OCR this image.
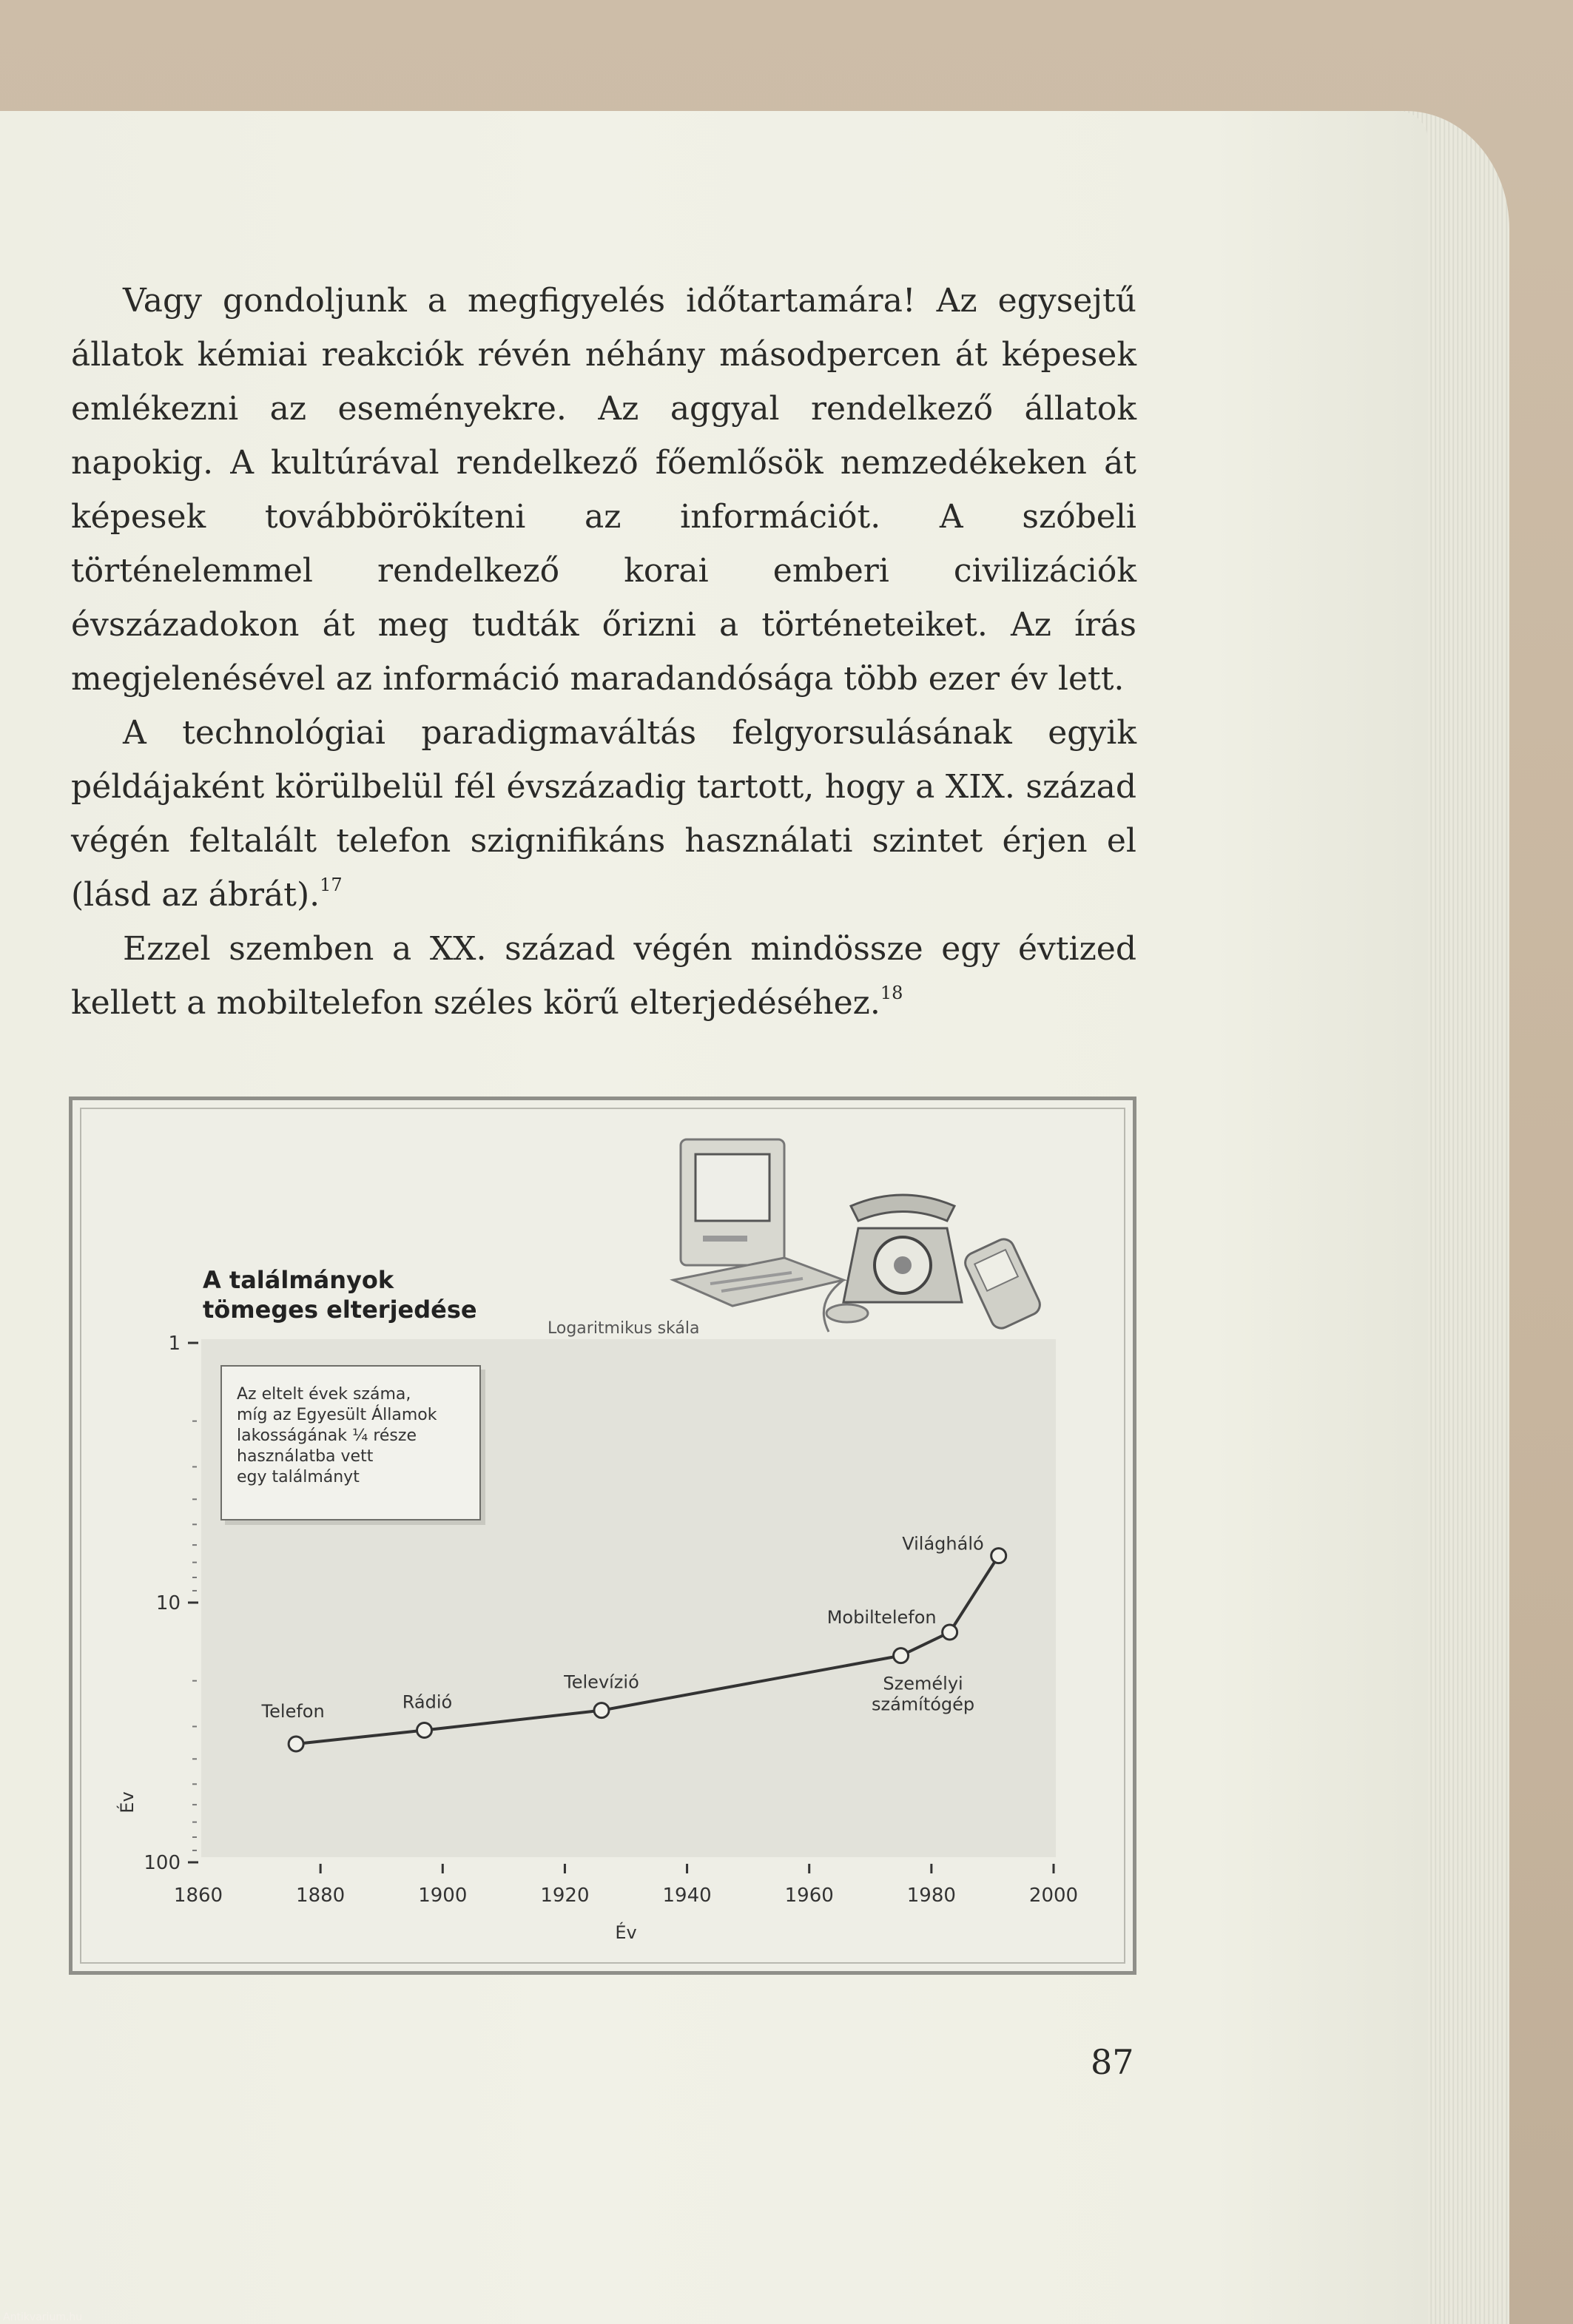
Vagy gondoljunk a megfigyelés időtartamára! Az egysejtű állatok kémiai reakciók révén néhány másodpercen át képesek emlékezni az eseményekre. Az aggyal rendelkező állatok napokig. A kultúrával rendelkező főemlősök nemzedékeken át képesek továbbörökíteni az információt. A szóbeli történelemmel rendelkező korai emberi civilizációk évszázadokon át meg tudták őrizni a történeteiket. Az írás megjelenésével az információ maradandósága több ezer év lett.

A technológiai paradigmaváltás felgyorsulásának egyik példájaként körülbelül fél évszázadig tartott, hogy a XIX. század végén feltalált telefon szignifikáns használati szintet érjen el (lásd az ábrát).$^{17}$

Ezzel szemben a XX. század végén mindössze egy évtized kellett a mobiltelefon széles körű elterjedéséhez.$^{18}$

A találmányok
tömeges elterjedése
Logaritmikus skála
1
10
100
Év
1860	1880	1900	1920	1940	1960	1980	2000
Év
Telefon	Rádió
Televízió	Személyi számítógép
Mobiltelefon
Világháló
Az eltelt évek száma,
míg az Egyesült Államok
lakosságának ¼ része
használatba vett
egy találmányt
87
Antikvarium.hu
